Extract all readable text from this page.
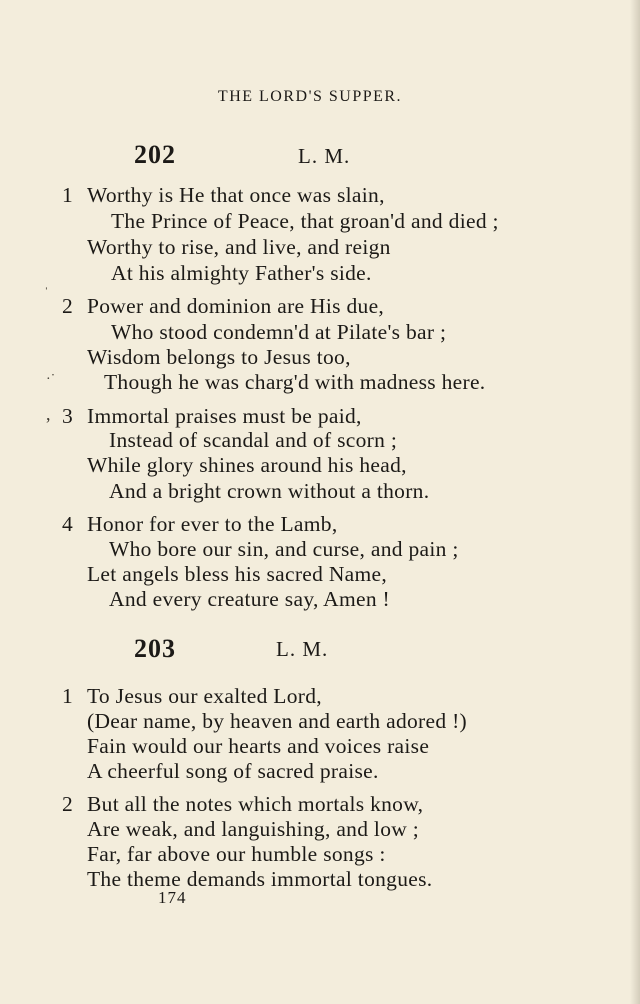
THE LORD'S SUPPER.
202	L. M.
1 Worthy is He that once was slain,
The Prince of Peace, that groan'd and died ;
Worthy to rise, and live, and reign
At his almighty Father's side.
2 Power and dominion are His due,
Who stood condemn'd at Pilate's bar ;
Wisdom belongs to Jesus too,
Though he was charg'd with madness here.
3 Immortal praises must be paid,
Instead of scandal and of scorn ;
While glory shines around his head,
And a bright crown without a thorn.
4 Honor for ever to the Lamb,
Who bore our sin, and curse, and pain ;
Let angels bless his sacred Name,
And every creature say, Amen !
203	L. M.
1 To Jesus our exalted Lord,
(Dear name, by heaven and earth adored !)
Fain would our hearts and voices raise
A cheerful song of sacred praise.
2 But all the notes which mortals know,
Are weak, and languishing, and low ;
Far, far above our humble songs :
The theme demands immortal tongues.
174
ˈ
·˙
,
